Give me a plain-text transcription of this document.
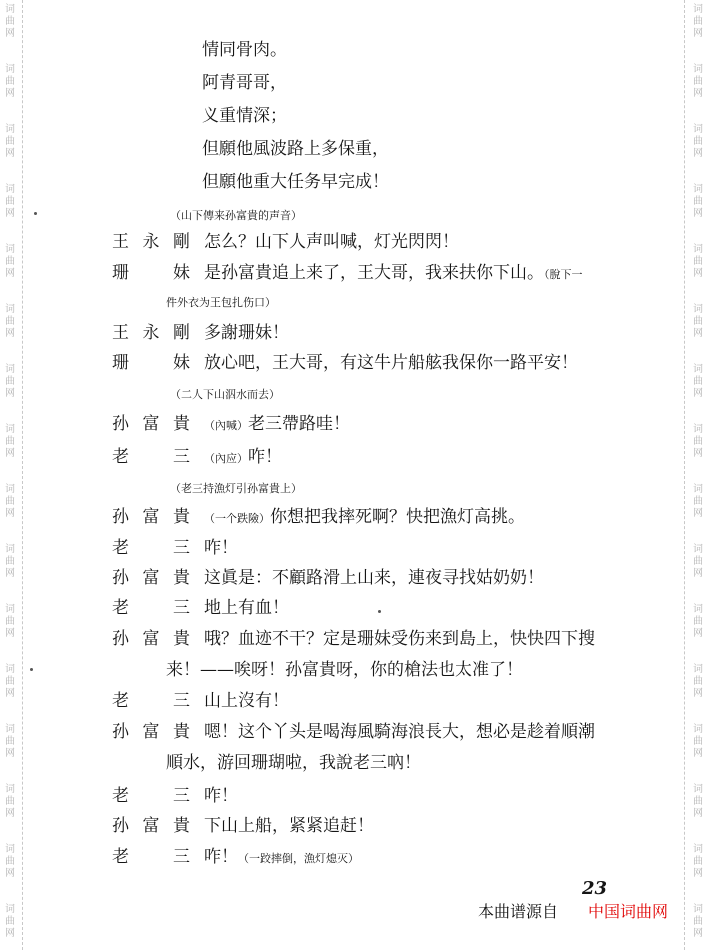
词
曲
网
词
曲
网
词
曲
网
词
曲
网
词
曲
网
词
曲
网
词
曲
网
词
曲
网
词
曲
网
词
曲
网
词
曲
网
词
曲
网
词
曲
网
词
曲
网
词
曲
网
词
曲
网
词
曲
网
词
曲
网
词
曲
网
词
曲
网
词
曲
网
词
曲
网
词
曲
网
词
曲
网
词
曲
网
词
曲
网
词
曲
网
词
曲
网
词
曲
网
词
曲
网
词
曲
网
词
曲
网
情同骨肉。
阿青哥哥，
义重情深；
但願他風波路上多保重，
但願他重大任务早完成！
（山下傳来孙富貴的声音）
王 永 剛 怎么？山下人声叫喊，灯光閃閃！
珊	妹 是孙富貴追上来了，王大哥，我来扶你下山。（脫下一
件外衣为王包扎伤口）
王 永 剛 多謝珊妹！
珊	妹 放心吧，王大哥，有这牛片船舷我保你一路平安！
（二人下山泅水而去）
孙 富 貴 （內喊）老三帶路哇！
老	三 （內应）咋！
（老三持漁灯引孙富貴上）
孙 富 貴 （一个跌險）你想把我摔死啊？快把漁灯高挑。
老	三 咋！
孙 富 貴 这眞是：不顧路滑上山来，連夜寻找姑奶奶！
老	三 地上有血！
孙 富 貴 哦？血迹不干？定是珊妹受伤来到島上，快快四下搜
来！——唉呀！孙富貴呀，你的槍法也太准了！
老	三 山上沒有！
孙 富 貴 嗯！这个丫头是喝海風騎海浪長大，想必是趁着順潮
順水，游回珊瑚啦，我說老三吶！
老	三 咋！
孙 富 貴 下山上船，紧紧追赶！
老	三 咋！（一跤摔倒，漁灯熄灭）
23
本曲谱源自 中国词曲网
